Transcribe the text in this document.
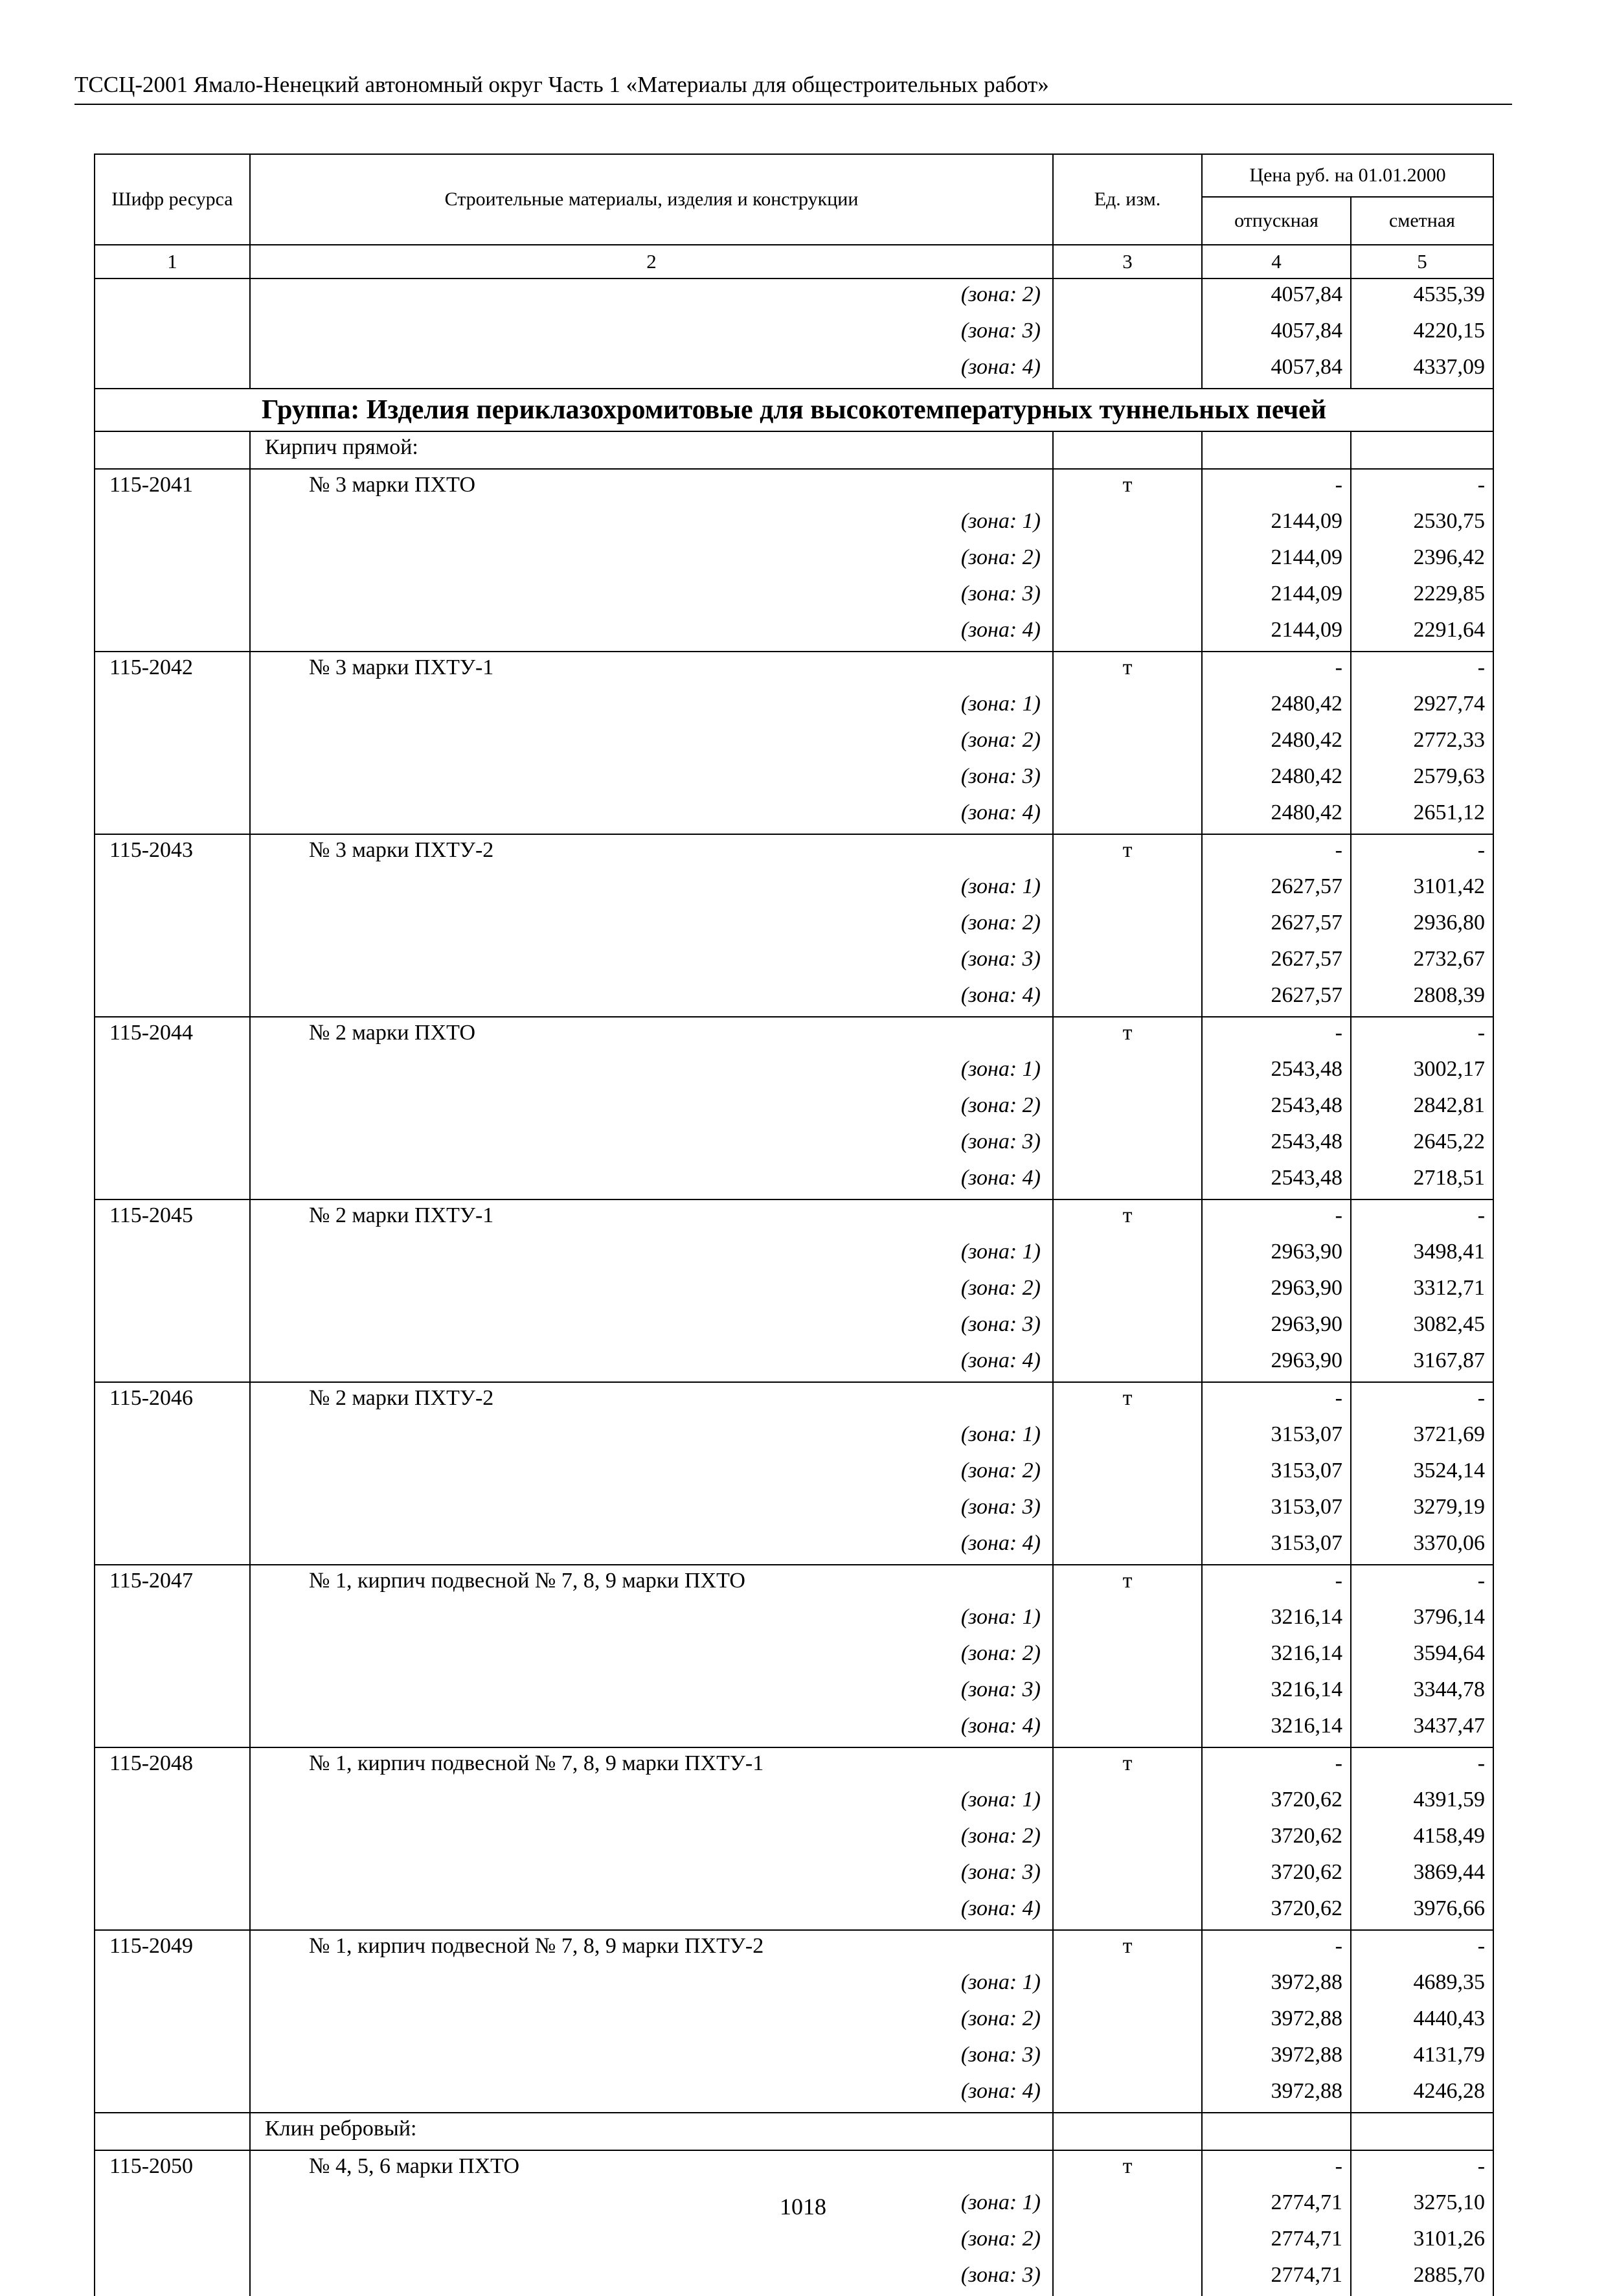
ТССЦ-2001 Ямало-Ненецкий автономный округ Часть 1 «Материалы для общестроительных работ»
Шифр ресурса	Строительные материалы, изделия и конструкции	Ед. изм.	Цена руб. на 01.01.2000	
			отпускная	сметная
1	2	3	4	5
	(зона: 2)		4057,84	4535,39
	(зона: 3)		4057,84	4220,15
	(зона: 4)		4057,84	4337,09
Группа: Изделия периклазохромитовые для высокотемпературных туннельных печей				
	Кирпич прямой:			
115-2041	№ 3 марки ПХТО	т	-	-
	(зона: 1)		2144,09	2530,75
	(зона: 2)		2144,09	2396,42
	(зона: 3)		2144,09	2229,85
	(зона: 4)		2144,09	2291,64
115-2042	№ 3 марки ПХТУ-1	т	-	-
	(зона: 1)		2480,42	2927,74
	(зона: 2)		2480,42	2772,33
	(зона: 3)		2480,42	2579,63
	(зона: 4)		2480,42	2651,12
115-2043	№ 3 марки ПХТУ-2	т	-	-
	(зона: 1)		2627,57	3101,42
	(зона: 2)		2627,57	2936,80
	(зона: 3)		2627,57	2732,67
	(зона: 4)		2627,57	2808,39
115-2044	№ 2 марки ПХТО	т	-	-
	(зона: 1)		2543,48	3002,17
	(зона: 2)		2543,48	2842,81
	(зона: 3)		2543,48	2645,22
	(зона: 4)		2543,48	2718,51
115-2045	№ 2 марки ПХТУ-1	т	-	-
	(зона: 1)		2963,90	3498,41
	(зона: 2)		2963,90	3312,71
	(зона: 3)		2963,90	3082,45
	(зона: 4)		2963,90	3167,87
115-2046	№ 2 марки ПХТУ-2	т	-	-
	(зона: 1)		3153,07	3721,69
	(зона: 2)		3153,07	3524,14
	(зона: 3)		3153,07	3279,19
	(зона: 4)		3153,07	3370,06
115-2047	№ 1, кирпич подвесной № 7, 8, 9 марки ПХТО	т	-	-
	(зона: 1)		3216,14	3796,14
	(зона: 2)		3216,14	3594,64
	(зона: 3)		3216,14	3344,78
	(зона: 4)		3216,14	3437,47
115-2048	№ 1, кирпич подвесной № 7, 8, 9 марки ПХТУ-1	т	-	-
	(зона: 1)		3720,62	4391,59
	(зона: 2)		3720,62	4158,49
	(зона: 3)		3720,62	3869,44
	(зона: 4)		3720,62	3976,66
115-2049	№ 1, кирпич подвесной № 7, 8, 9 марки ПХТУ-2	т	-	-
	(зона: 1)		3972,88	4689,35
	(зона: 2)		3972,88	4440,43
	(зона: 3)		3972,88	4131,79
	(зона: 4)		3972,88	4246,28
	Клин ребровый:			
115-2050	№ 4, 5, 6 марки ПХТО	т	-	-
	(зона: 1)		2774,71	3275,10
	(зона: 2)		2774,71	3101,26
	(зона: 3)		2774,71	2885,70
1018
